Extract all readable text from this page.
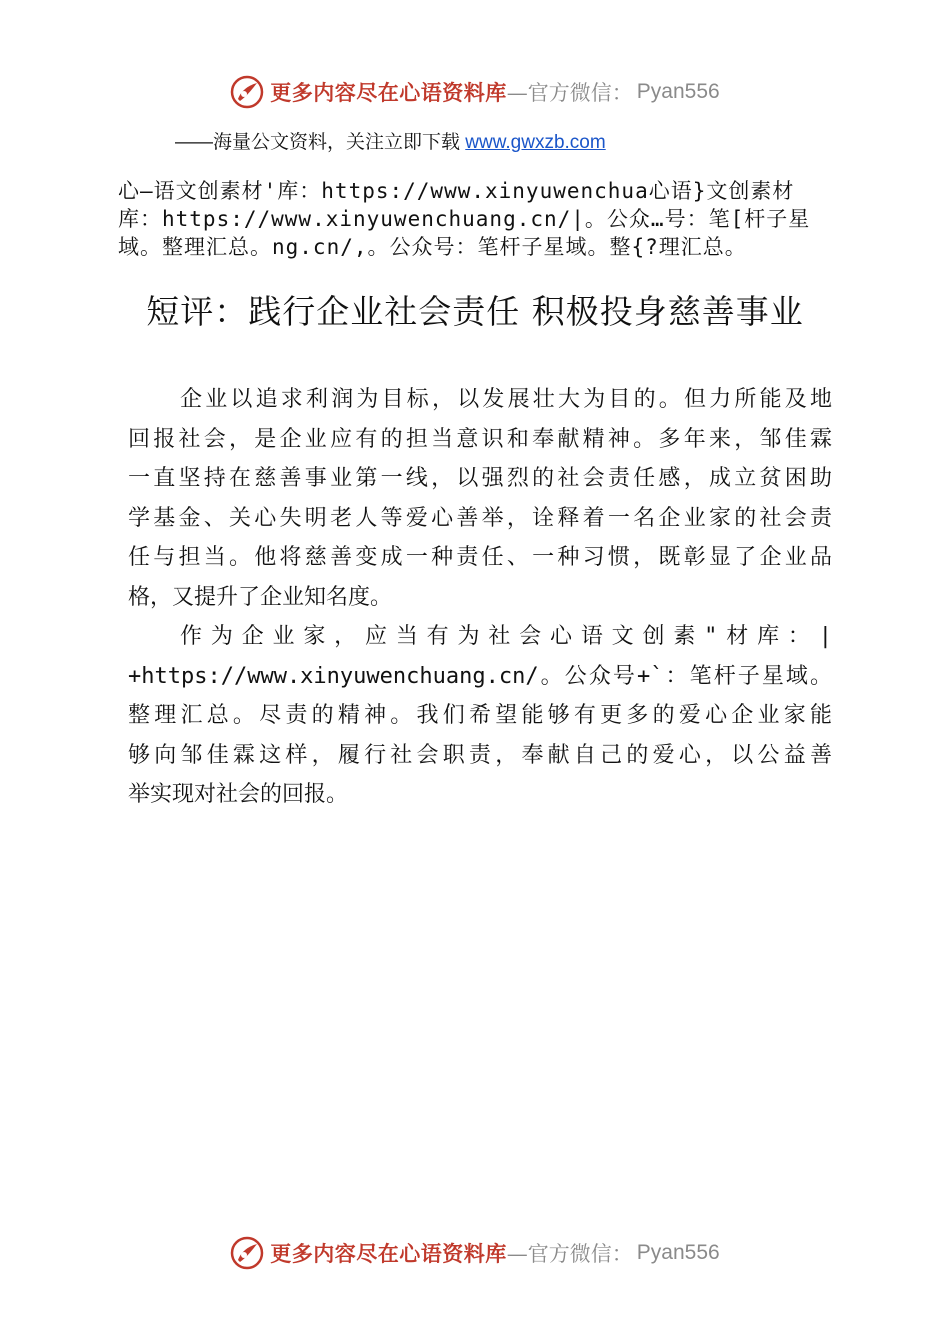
更多内容尽在心语资料库 —官方微信： Pyan556
——海量公文资料，关注立即下载 www.gwxzb.com
心—语文创素材'库：https://www.xinyuwenchua心语}文创素材
库：https://www.xinyuwenchuang.cn/|。公众…号：笔[杆子星
域。整理汇总。ng.cn/,。公众号：笔杆子星域。整{?理汇总。
短评：践行企业社会责任 积极投身慈善事业
企业以追求利润为目标，以发展壮大为目的。但力所能及地
回报社会，是企业应有的担当意识和奉献精神。多年来，邹佳霖
一直坚持在慈善事业第一线，以强烈的社会责任感，成立贫困助
学基金、关心失明老人等爱心善举，诠释着一名企业家的社会责
任与担当。他将慈善变成一种责任、一种习惯，既彰显了企业品
格，又提升了企业知名度。
作为企业家，应当有为社会心语文创素"材库：|
+https://www.xinyuwenchuang.cn/。公众号+`：笔杆子星域。
整理汇总。尽责的精神。我们希望能够有更多的爱心企业家能
够向邹佳霖这样，履行社会职责，奉献自己的爱心，以公益善
举实现对社会的回报。
更多内容尽在心语资料库 —官方微信： Pyan556
